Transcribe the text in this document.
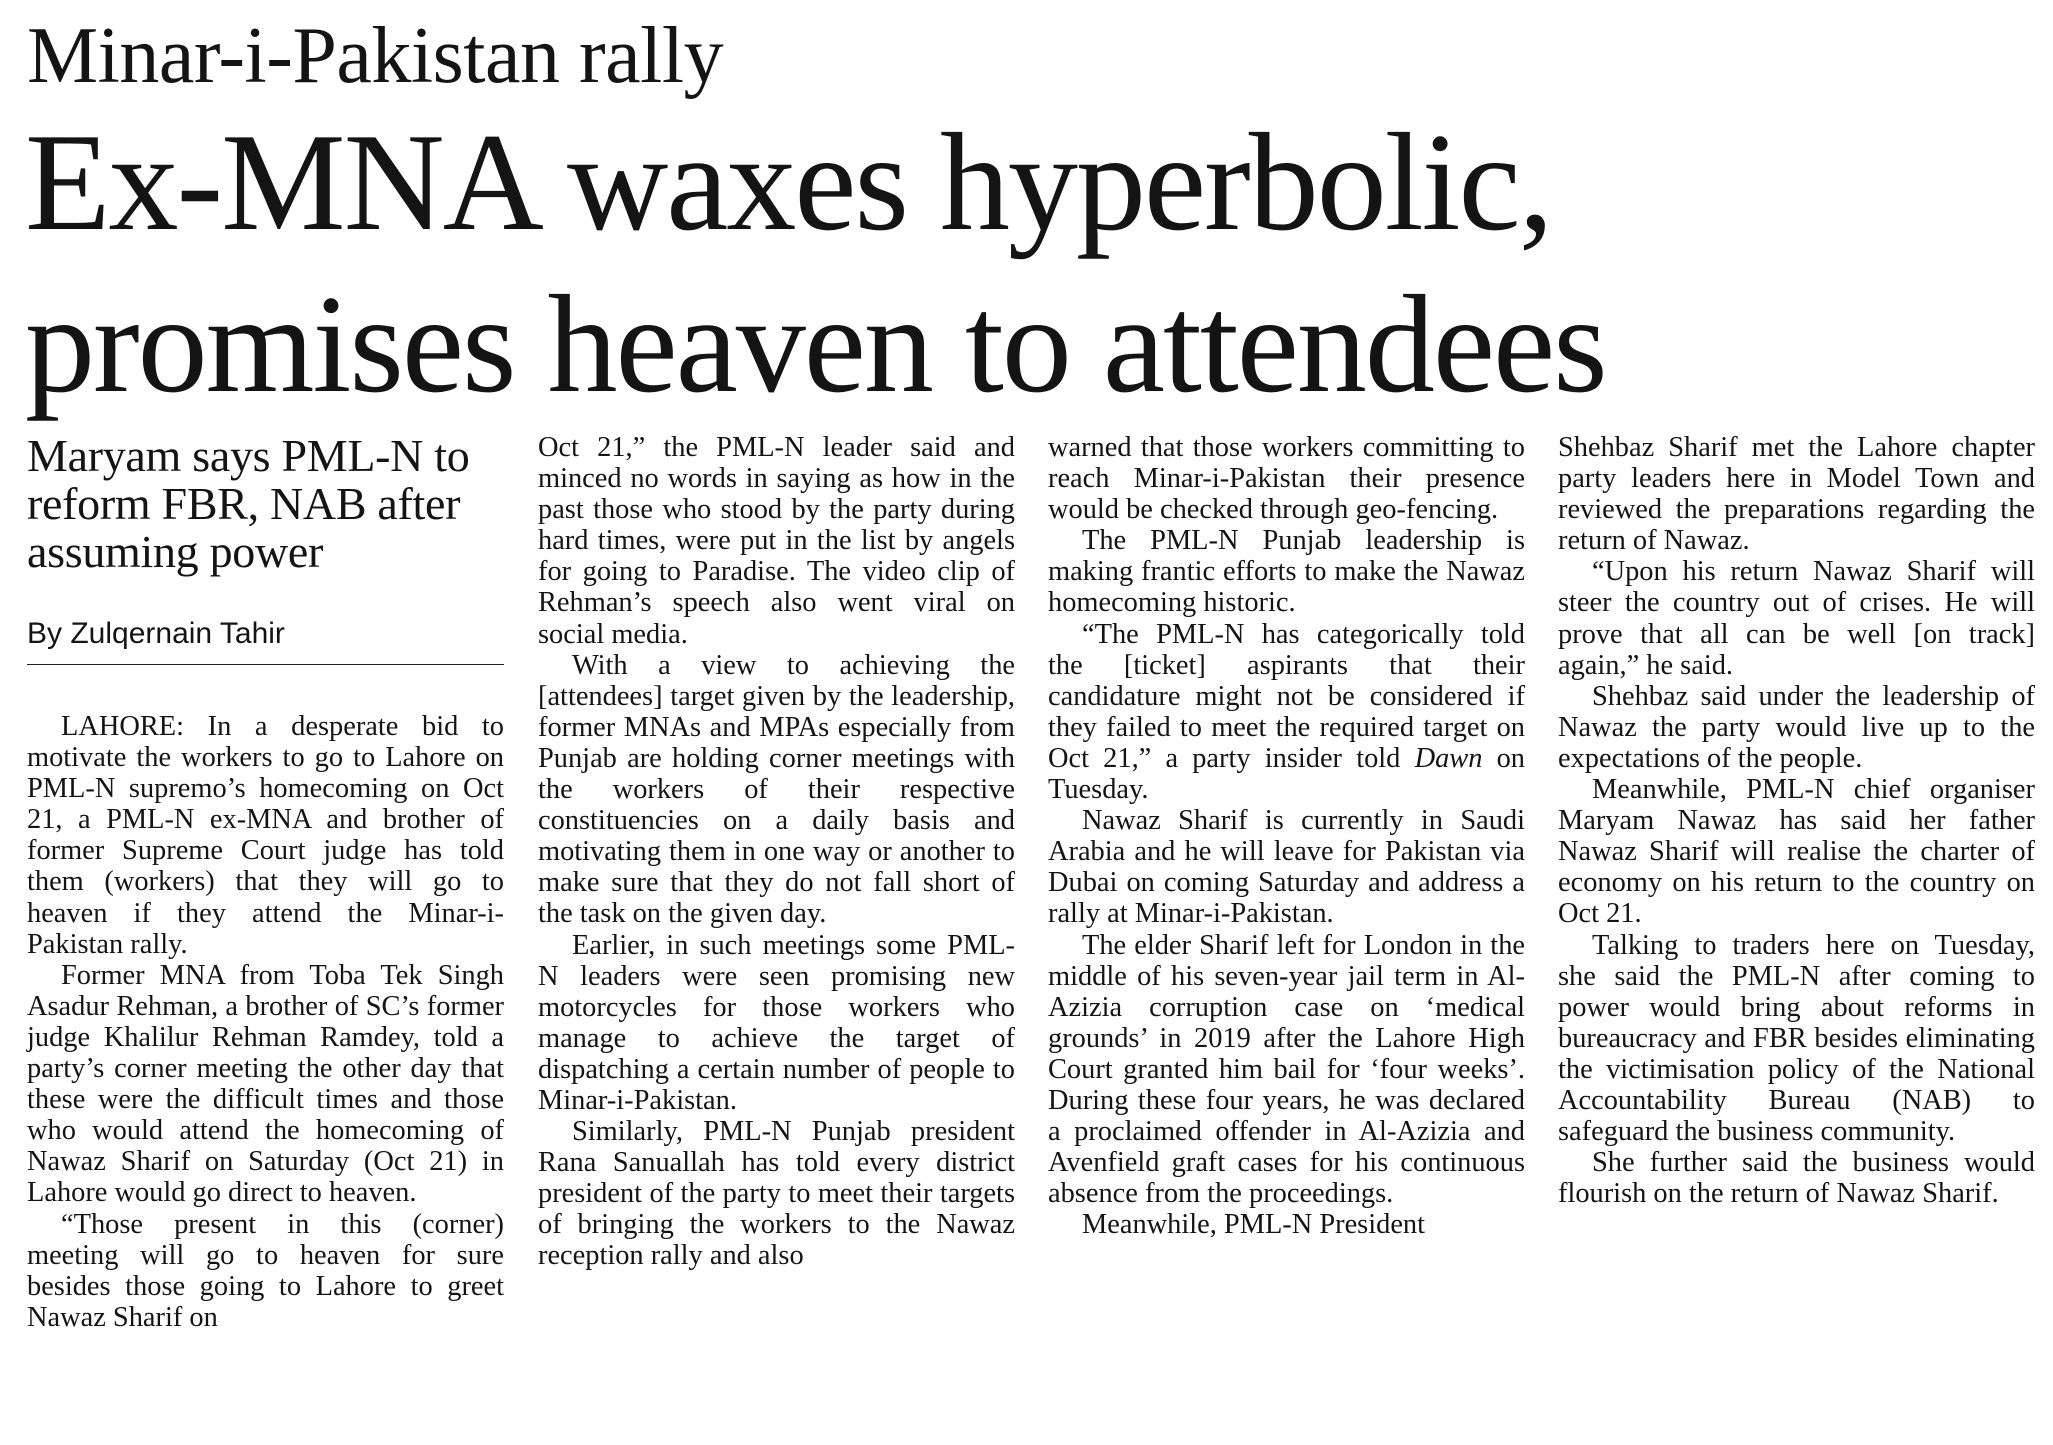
Minar-i-Pakistan rally
Ex-MNA waxes hyperbolic,
promises heaven to attendees
Maryam says PML-N to reform FBR, NAB after assuming power
By Zulqernain Tahir

LAHORE: In a desperate bid to motivate the workers to go to Lahore on PML-N supremo’s homecoming on Oct 21, a PML-N ex-MNA and brother of former Supreme Court judge has told them (workers) that they will go to heaven if they attend the Minar-i-Pakistan rally.

Former MNA from Toba Tek Singh Asadur Rehman, a brother of SC’s former judge Khalilur Rehman Ramdey, told a party’s corner meeting the other day that these were the difficult times and those who would attend the homecoming of Nawaz Sharif on Saturday (Oct 21) in Lahore would go direct to heaven.

“Those present in this (corner) meeting will go to heaven for sure besides those going to Lahore to greet Nawaz Sharif on

Oct 21,” the PML-N leader said and minced no words in saying as how in the past those who stood by the party during hard times, were put in the list by angels for going to Paradise. The video clip of Rehman’s speech also went viral on social media.

With a view to achieving the [attendees] target given by the leadership, former MNAs and MPAs especially from Punjab are holding corner meetings with the workers of their respective constituencies on a daily basis and motivating them in one way or another to make sure that they do not fall short of the task on the given day.

Earlier, in such meetings some PML-N leaders were seen promising new motorcycles for those workers who manage to achieve the target of dispatching a certain number of people to Minar-i-Pakistan.

Similarly, PML-N Punjab president Rana Sanuallah has told every district president of the party to meet their targets of bringing the workers to the Nawaz reception rally and also

warned that those workers committing to reach Minar-i-Pakistan their presence would be checked through geo-fencing.

The PML-N Punjab leadership is making frantic efforts to make the Nawaz homecoming historic.

“The PML-N has categorically told the [ticket] aspirants that their candidature might not be considered if they failed to meet the required target on Oct 21,” a party insider told Dawn on Tuesday.

Nawaz Sharif is currently in Saudi Arabia and he will leave for Pakistan via Dubai on coming Saturday and address a rally at Minar-i-Pakistan.

The elder Sharif left for London in the middle of his seven-year jail term in Al-Azizia corruption case on ‘medical grounds’ in 2019 after the Lahore High Court granted him bail for ‘four weeks’. During these four years, he was declared a proclaimed offender in Al-Azizia and Avenfield graft cases for his continuous absence from the proceedings.

Meanwhile, PML-N President

Shehbaz Sharif met the Lahore chapter party leaders here in Model Town and reviewed the preparations regarding the return of Nawaz.

“Upon his return Nawaz Sharif will steer the country out of crises. He will prove that all can be well [on track] again,” he said.

Shehbaz said under the leadership of Nawaz the party would live up to the expectations of the people.

Meanwhile, PML-N chief organiser Maryam Nawaz has said her father Nawaz Sharif will realise the charter of economy on his return to the country on Oct 21.

Talking to traders here on Tuesday, she said the PML-N after coming to power would bring about reforms in bureaucracy and FBR besides eliminating the victimisation policy of the National Accountability Bureau (NAB) to safeguard the business community.

She further said the business would flourish on the return of Nawaz Sharif.
